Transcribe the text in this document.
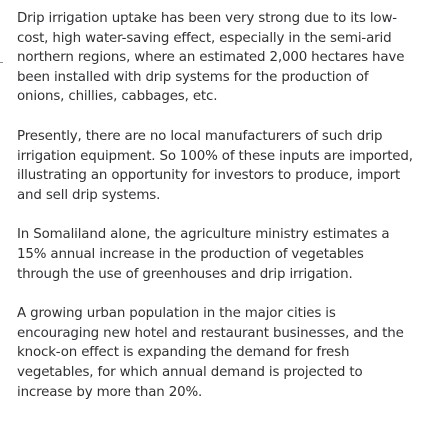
Drip irrigation uptake has been very strong due to its low-cost, high water-saving effect, especially in the semi-arid northern regions, where an estimated 2,000 hectares have been installed with drip systems for the production of onions, chillies, cabbages, etc.

Presently, there are no local manufacturers of such drip irrigation equipment. So 100% of these inputs are imported, illustrating an opportunity for investors to produce, import and sell drip systems.

In Somaliland alone, the agriculture ministry estimates a 15% annual increase in the production of vegetables through the use of greenhouses and drip irrigation.

A growing urban population in the major cities is encouraging new hotel and restaurant businesses, and the knock-on effect is expanding the demand for fresh vegetables, for which annual demand is projected to increase by more than 20%.
